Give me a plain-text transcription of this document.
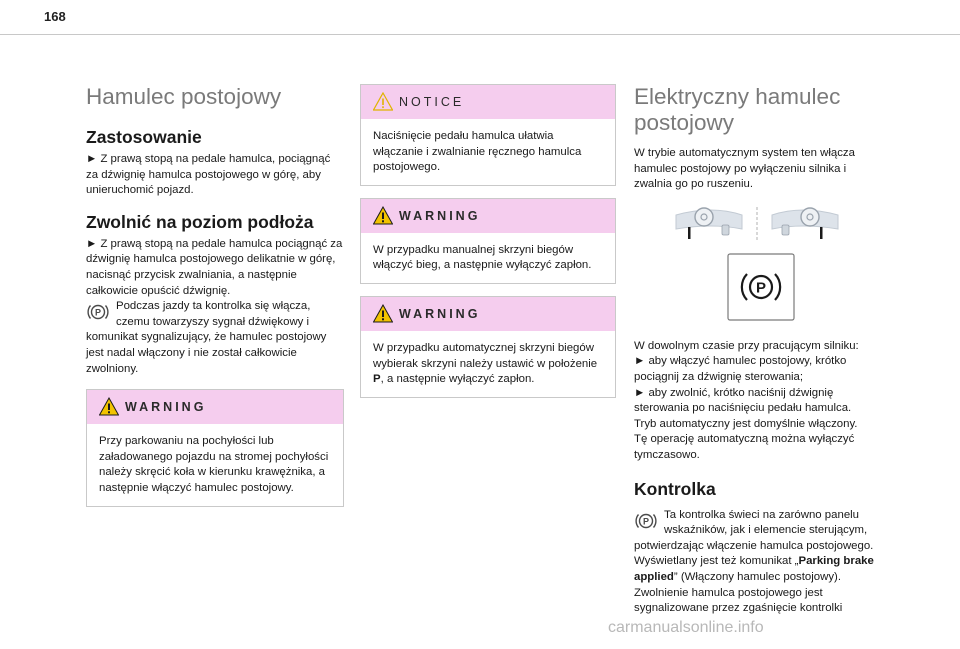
168
Hamulec postojowy
Zastosowanie

► Z prawą stopą na pedale hamulca, pociągnąć za dźwignię hamulca postojowego w górę, aby unieruchomić pojazd.

Zwolnić na poziom podłoża

► Z prawą stopą na pedale hamulca pociągnąć za dźwignię hamulca postojowego delikatnie w górę, nacisnąć przycisk zwalniania, a następnie całkowicie opuścić dźwignię.

P
Podczas jazdy ta kontrolka się włącza, czemu towarzyszy sygnał dźwiękowy i komunikat sygnalizujący, że hamulec postojowy jest nadal włączony i nie został całkowicie zwolniony.
WARNING
Przy parkowaniu na pochyłości lub załadowanego pojazdu na stromej pochyłości należy skręcić koła w kierunku krawężnika, a następnie włączyć hamulec postojowy.
NOTICE
Naciśnięcie pedału hamulca ułatwia włączanie i zwalnianie ręcznego hamulca postojowego.
WARNING
W przypadku manualnej skrzyni biegów włączyć bieg, a następnie wyłączyć zapłon.
WARNING
W przypadku automatycznej skrzyni biegów wybierak skrzyni należy ustawić w położenie P, a następnie wyłączyć zapłon.
Elektryczny hamulec postojowy

W trybie automatycznym system ten włącza hamulec postojowy po wyłączeniu silnika i zwalnia go po ruszeniu.

P

W dowolnym czasie przy pracującym silniku:

► aby włączyć hamulec postojowy, krótko pociągnij za dźwignię sterowania;

► aby zwolnić, krótko naciśnij dźwignię sterowania po naciśnięciu pedału hamulca.

Tryb automatyczny jest domyślnie włączony.

Tę operację automatyczną można wyłączyć tymczasowo.

Kontrolka
P
Ta kontrolka świeci na zarówno panelu wskaźników, jak i elemencie sterującym, potwierdzając włączenie hamulca postojowego. Wyświetlany jest też komunikat „Parking brake applied” (Włączony hamulec postojowy). Zwolnienie hamulca postojowego jest sygnalizowane przez zgaśnięcie kontrolki
carmanualsonline.info
